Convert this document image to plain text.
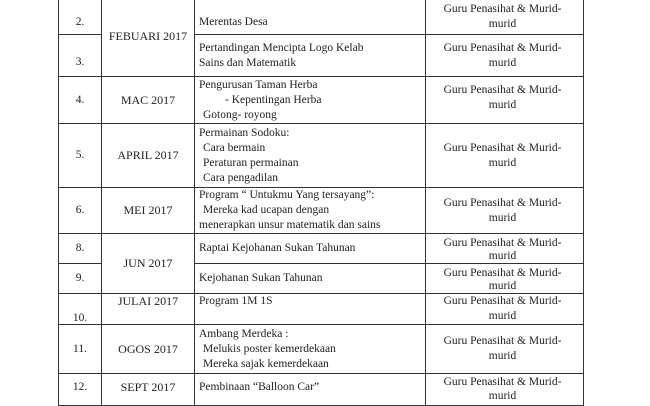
2.	FEBUARI 2017	Merentas Desa	Guru Penasihat & Murid-
murid

3.		Pertandingan Mencipta Logo Kelab
Sains dan Matematik	Guru Penasihat & Murid-
murid

4.	MAC 2017	Pengurusan Taman Herba
- Kepentingan Herba
Gotong- royong	Guru Penasihat & Murid-
murid

5.	APRIL 2017	Permainan Sodoku:
Cara bermain
Peraturan permainan
Cara pengadilan	Guru Penasihat & Murid-
murid

6.	MEI 2017	Program “ Untukmu Yang tersayang”:
Mereka kad ucapan dengan
menerapkan unsur matematik dan sains	Guru Penasihat & Murid-
murid

8.	JUN 2017	Raptai Kejohanan Sukan Tahunan	Guru Penasihat & Murid-
murid

9.		Kejohanan Sukan Tahunan	Guru Penasihat & Murid-
murid

10.	JULAI 2017	Program 1M 1S	Guru Penasihat & Murid-
murid

11.	OGOS 2017	Ambang Merdeka :
Melukis poster kemerdekaan
Mereka sajak kemerdekaan	Guru Penasihat & Murid-
murid

12.	SEPT 2017	Pembinaan “Balloon Car”	Guru Penasihat & Murid-
murid
